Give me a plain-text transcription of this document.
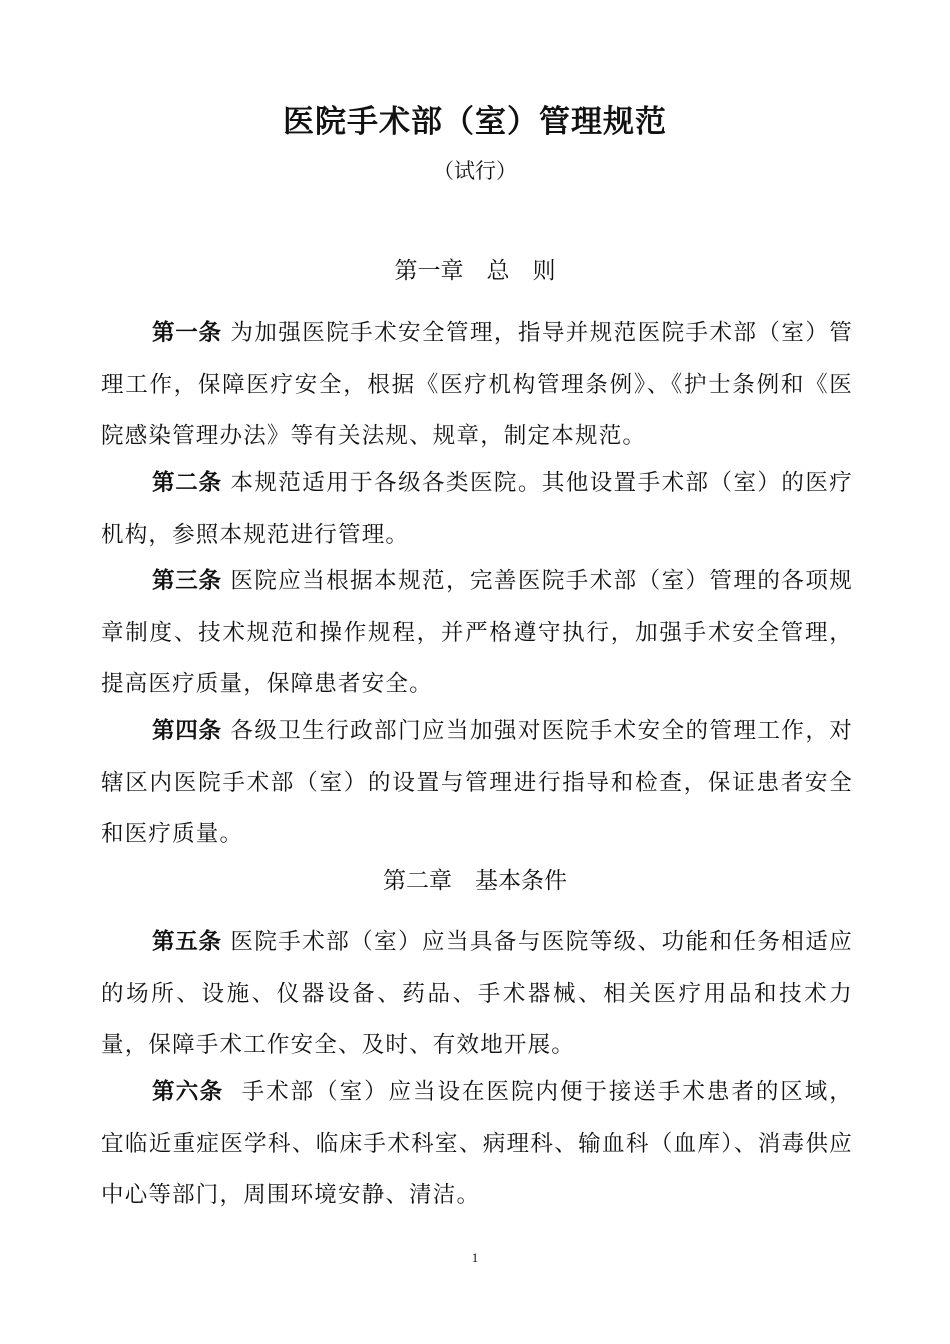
医院手术部（室）管理规范
（试行）
第一章　总　则

第一条 为加强医院手术安全管理，指导并规范医院手术部（室）管理工作，保障医疗安全，根据《医疗机构管理条例》、《护士条例和《医院感染管理办法》等有关法规、规章，制定本规范。

第二条 本规范适用于各级各类医院。其他设置手术部（室）的医疗机构，参照本规范进行管理。

第三条 医院应当根据本规范，完善医院手术部（室）管理的各项规章制度、技术规范和操作规程，并严格遵守执行，加强手术安全管理，提高医疗质量，保障患者安全。

第四条 各级卫生行政部门应当加强对医院手术安全的管理工作，对辖区内医院手术部（室）的设置与管理进行指导和检查，保证患者安全和医疗质量。

第二章　基本条件

第五条 医院手术部（室）应当具备与医院等级、功能和任务相适应的场所、设施、仪器设备、药品、手术器械、相关医疗用品和技术力量，保障手术工作安全、及时、有效地开展。

第六条 手术部（室）应当设在医院内便于接送手术患者的区域，宜临近重症医学科、临床手术科室、病理科、输血科（血库）、消毒供应中心等部门，周围环境安静、清洁。

1
